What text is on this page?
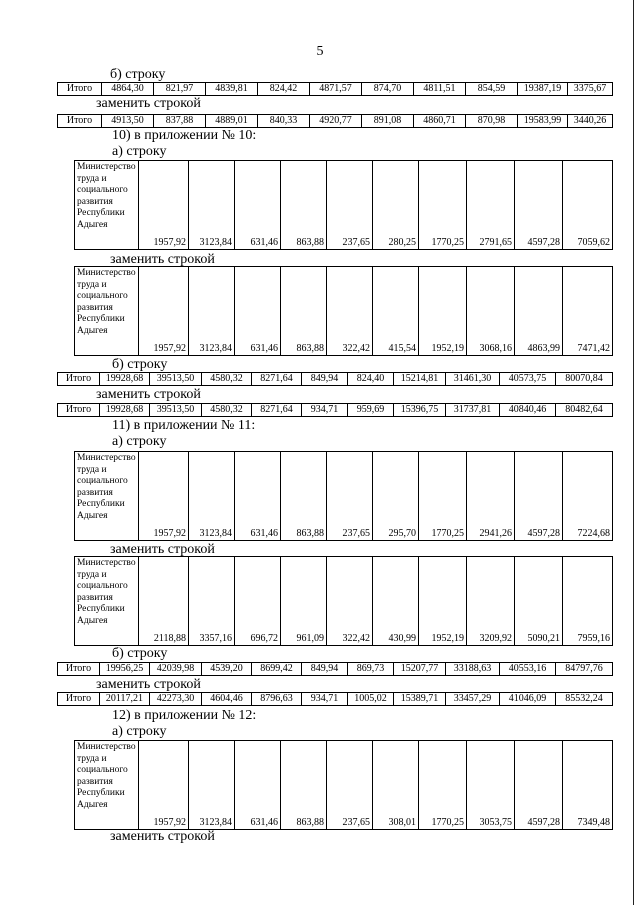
5
б) строку
Итого	4864,30	821,97	4839,81	824,42	4871,57	874,70	4811,51	854,59	19387,19	3375,67
заменить строкой
Итого	4913,50	837,88	4889,01	840,33	4920,77	891,08	4860,71	870,98	19583,99	3440,26
10) в приложении № 10:
а) строку
Министерство труда и социального развития Республики Адыгея	1957,92	3123,84	631,46	863,88	237,65	280,25	1770,25	2791,65	4597,28	7059,62
заменить строкой
Министерство труда и социального развития Республики Адыгея	1957,92	3123,84	631,46	863,88	322,42	415,54	1952,19	3068,16	4863,99	7471,42
б) строку
Итого	19928,68	39513,50	4580,32	8271,64	849,94	824,40	15214,81	31461,30	40573,75	80070,84
заменить строкой
Итого	19928,68	39513,50	4580,32	8271,64	934,71	959,69	15396,75	31737,81	40840,46	80482,64
11) в приложении № 11:
а) строку
Министерство труда и социального развития Республики Адыгея	1957,92	3123,84	631,46	863,88	237,65	295,70	1770,25	2941,26	4597,28	7224,68
заменить строкой
Министерство труда и социального развития Республики Адыгея	2118,88	3357,16	696,72	961,09	322,42	430,99	1952,19	3209,92	5090,21	7959,16
б) строку
Итого	19956,25	42039,98	4539,20	8699,42	849,94	869,73	15207,77	33188,63	40553,16	84797,76
заменить строкой
Итого	20117,21	42273,30	4604,46	8796,63	934,71	1005,02	15389,71	33457,29	41046,09	85532,24
12) в приложении № 12:
а) строку
Министерство труда и социального развития Республики Адыгея	1957,92	3123,84	631,46	863,88	237,65	308,01	1770,25	3053,75	4597,28	7349,48
заменить строкой
